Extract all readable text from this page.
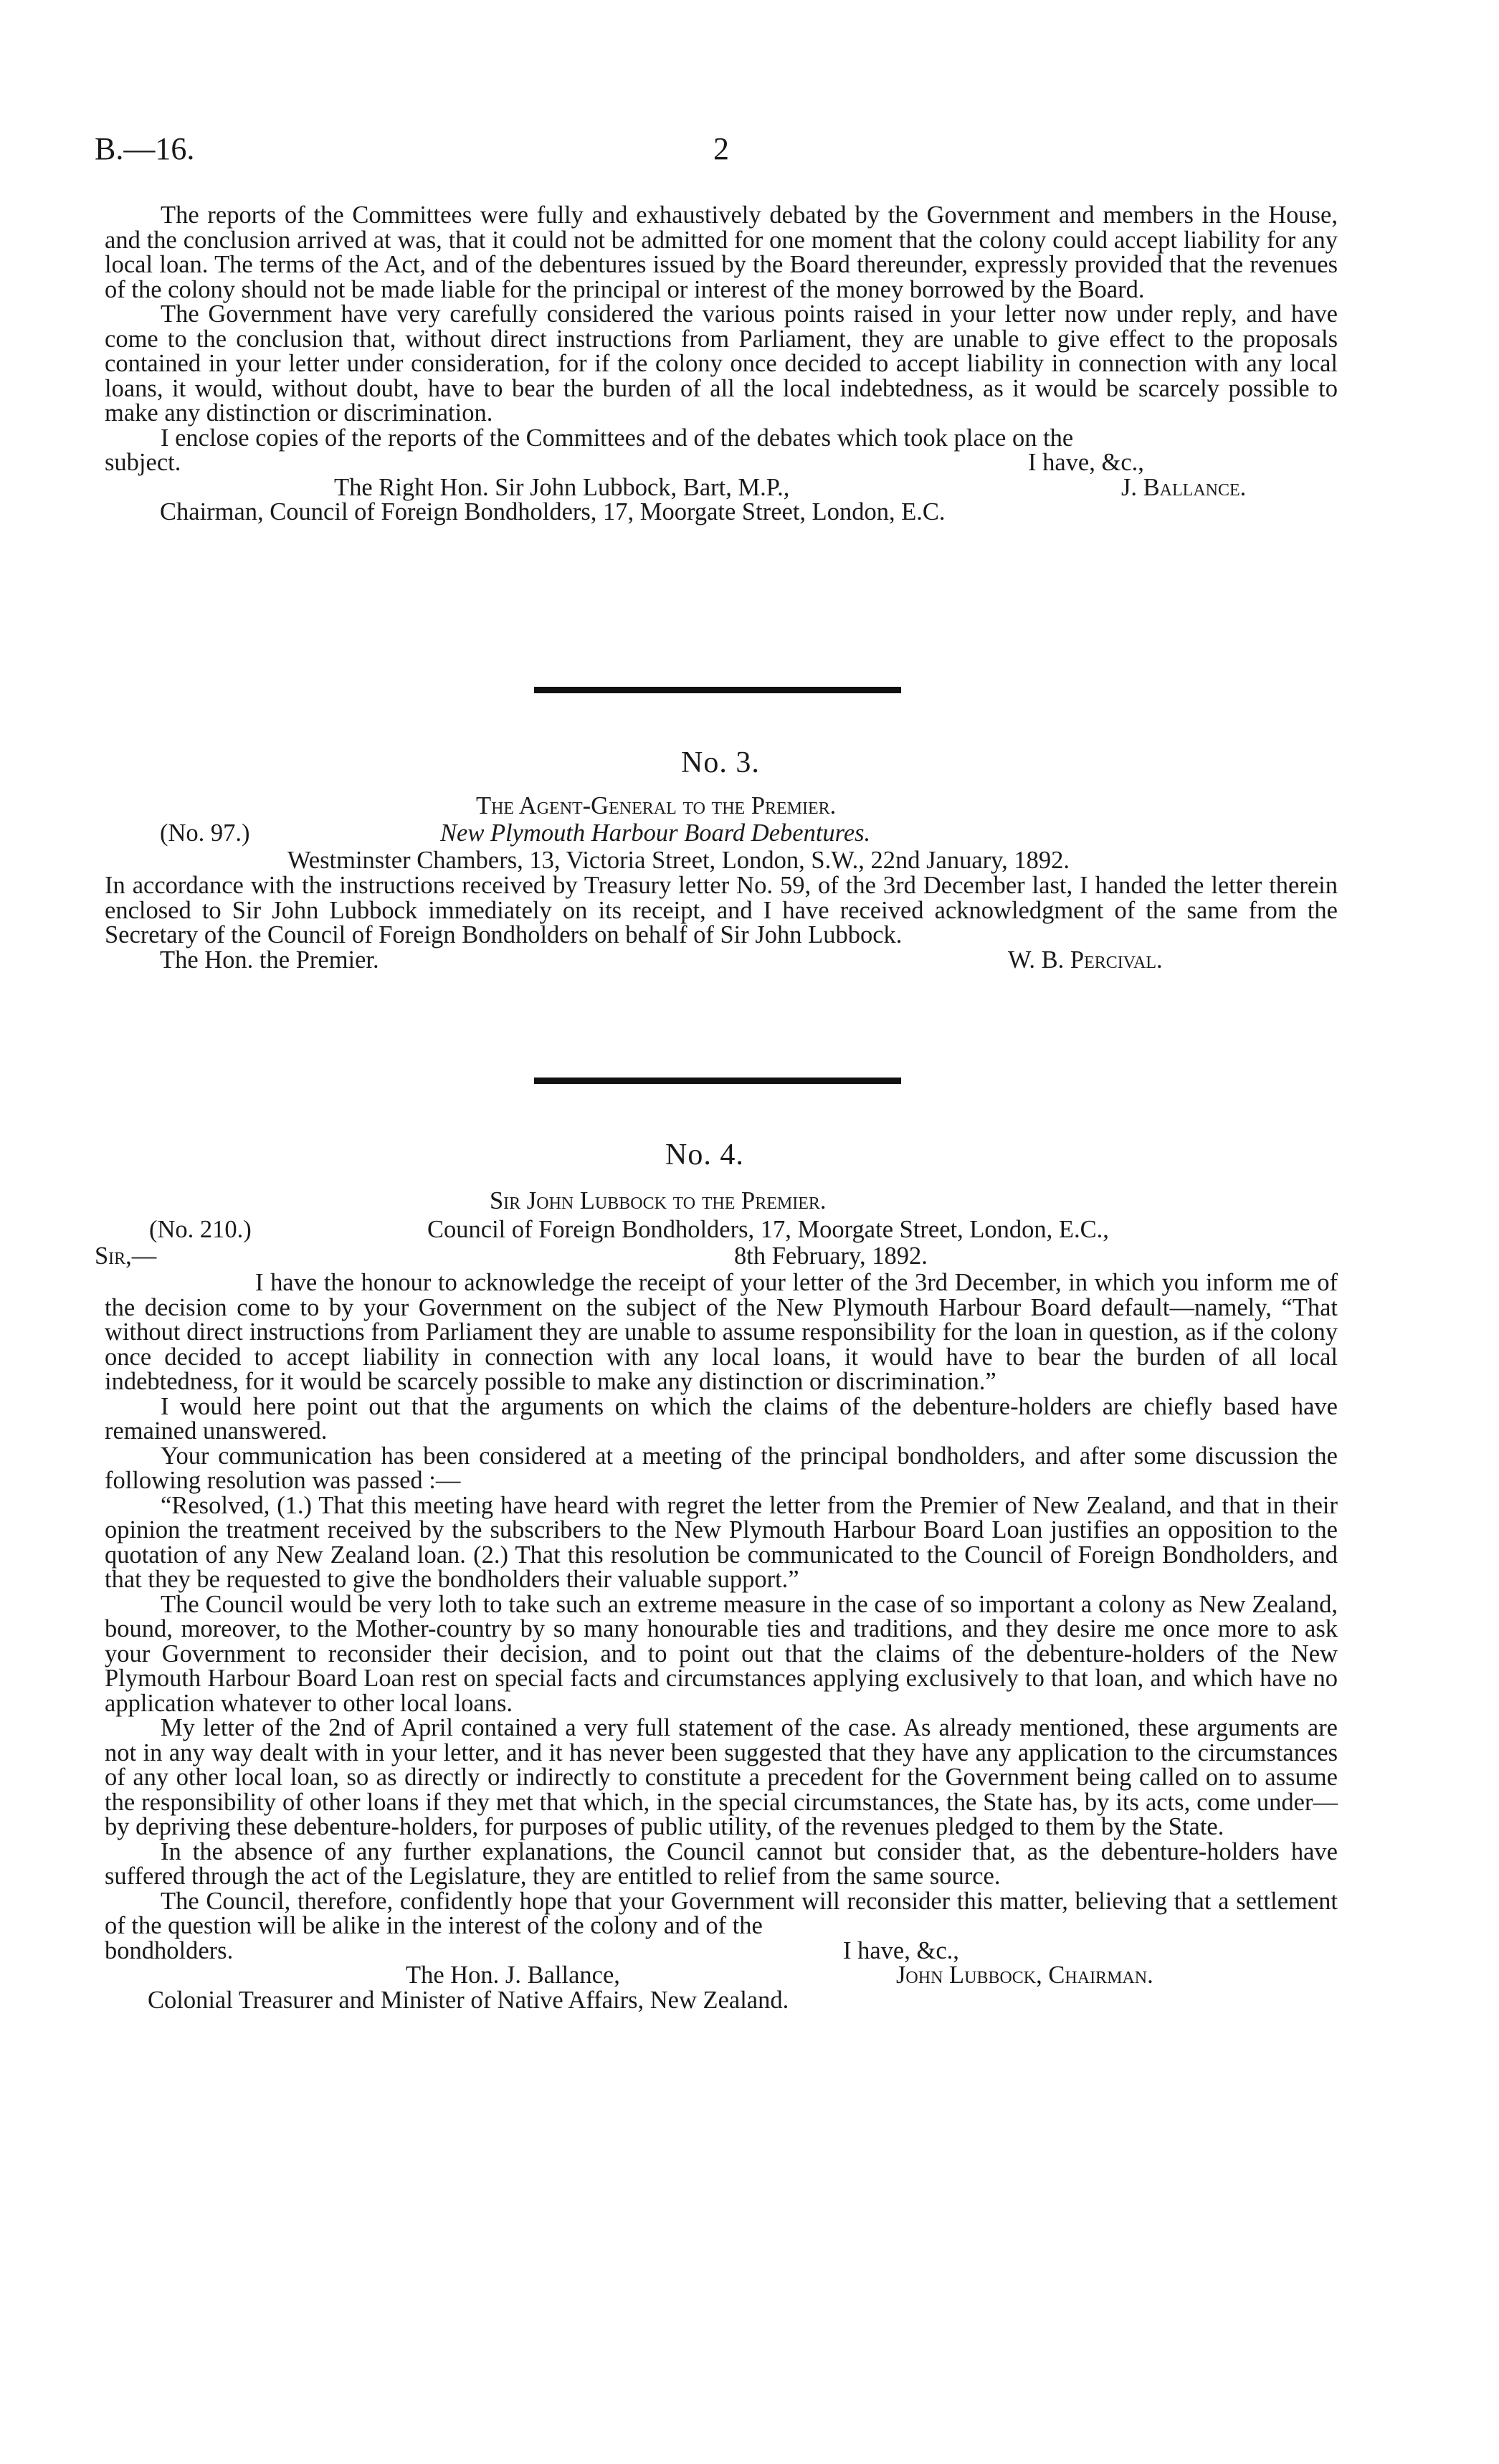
B.—16.	2

The reports of the Committees were fully and exhaustively debated by the Government and members in the House, and the conclusion arrived at was, that it could not be admitted for one moment that the colony could accept liability for any local loan. The terms of the Act, and of the debentures issued by the Board thereunder, expressly provided that the revenues of the colony should not be made liable for the principal or interest of the money borrowed by the Board.

The Government have very carefully considered the various points raised in your letter now under reply, and have come to the conclusion that, without direct instructions from Parliament, they are unable to give effect to the proposals contained in your letter under consideration, for if the colony once decided to accept liability in connection with any local loans, it would, without doubt, have to bear the burden of all the local indebtedness, as it would be scarcely possible to make any distinction or discrimination.

I enclose copies of the reports of the Committees and of the debates which took place on the

subject.	I have, &c.,
The Right Hon. Sir John Lubbock, Bart, M.P.,	J. Ballance.
Chairman, Council of Foreign Bondholders, 17, Moorgate Street, London, E.C.
No. 3.
The Agent-General to the Premier.
(No. 97.)	New Plymouth Harbour Board Debentures.
Westminster Chambers, 13, Victoria Street, London, S.W., 22nd January, 1892.

In accordance with the instructions received by Treasury letter No. 59, of the 3rd December last, I handed the letter therein enclosed to Sir John Lubbock immediately on its receipt, and I have received acknowledgment of the same from the Secretary of the Council of Foreign Bondholders on behalf of Sir John Lubbock.

The Hon. the Premier.	W. B. Percival.
No. 4.
Sir John Lubbock to the Premier.
(No. 210.)	Council of Foreign Bondholders, 17, Moorgate Street, London, E.C.,
Sir,—	8th February, 1892.

I have the honour to acknowledge the receipt of your letter of the 3rd December, in which you inform me of the decision come to by your Government on the subject of the New Plymouth Harbour Board default—namely, “That without direct instructions from Parliament they are unable to assume responsibility for the loan in question, as if the colony once decided to accept liability in connection with any local loans, it would have to bear the burden of all local indebtedness, for it would be scarcely possible to make any distinction or discrimination.”

I would here point out that the arguments on which the claims of the debenture-holders are chiefly based have remained unanswered.

Your communication has been considered at a meeting of the principal bondholders, and after some discussion the following resolution was passed :—

“Resolved, (1.) That this meeting have heard with regret the letter from the Premier of New Zealand, and that in their opinion the treatment received by the subscribers to the New Plymouth Harbour Board Loan justifies an opposition to the quotation of any New Zealand loan. (2.) That this resolution be communicated to the Council of Foreign Bondholders, and that they be requested to give the bondholders their valuable support.”

The Council would be very loth to take such an extreme measure in the case of so important a colony as New Zealand, bound, moreover, to the Mother-country by so many honourable ties and traditions, and they desire me once more to ask your Government to reconsider their decision, and to point out that the claims of the debenture-holders of the New Plymouth Harbour Board Loan rest on special facts and circumstances applying exclusively to that loan, and which have no application whatever to other local loans.

My letter of the 2nd of April contained a very full statement of the case. As already mentioned, these arguments are not in any way dealt with in your letter, and it has never been suggested that they have any application to the circumstances of any other local loan, so as directly or indirectly to constitute a precedent for the Government being called on to assume the responsibility of other loans if they met that which, in the special circumstances, the State has, by its acts, come under—by depriving these debenture-holders, for purposes of public utility, of the revenues pledged to them by the State.

In the absence of any further explanations, the Council cannot but consider that, as the debenture-holders have suffered through the act of the Legislature, they are entitled to relief from the same source.

The Council, therefore, confidently hope that your Government will reconsider this matter, believing that a settlement of the question will be alike in the interest of the colony and of the

bondholders.	I have, &c.,
The Hon. J. Ballance,	John Lubbock, Chairman.
Colonial Treasurer and Minister of Native Affairs, New Zealand.
